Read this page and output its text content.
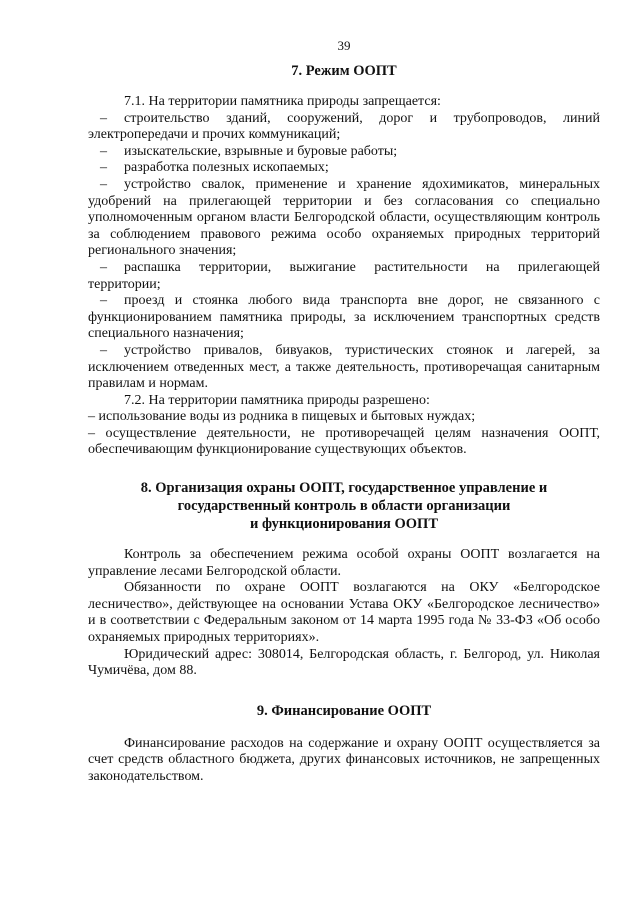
39
7. Режим ООПТ

7.1. На территории памятника природы запрещается:

– строительство зданий, сооружений, дорог и трубопроводов, линий электропередачи и прочих коммуникаций;

– изыскательские, взрывные и буровые работы;

– разработка полезных ископаемых;

– устройство свалок, применение и хранение ядохимикатов, минеральных удобрений на прилегающей территории и без согласования со специально уполномоченным органом власти Белгородской области, осуществляющим контроль за соблюдением правового режима особо охраняемых природных территорий регионального значения;

– распашка территории, выжигание растительности на прилегающей территории;

– проезд и стоянка любого вида транспорта вне дорог, не связанного с функционированием памятника природы, за исключением транспортных средств специального назначения;

– устройство привалов, бивуаков, туристических стоянок и лагерей, за исключением отведенных мест, а также деятельность, противоречащая санитарным правилам и нормам.

7.2. На территории памятника природы разрешено:

– использование воды из родника в пищевых и бытовых нуждах;

– осуществление деятельности, не противоречащей целям назначения ООПТ, обеспечивающим функционирование существующих объектов.

8. Организация охраны ООПТ, государственное управление и
государственный контроль в области организации
и функционирования ООПТ

Контроль за обеспечением режима особой охраны ООПТ возлагается на управление лесами Белгородской области.

Обязанности по охране ООПТ возлагаются на ОКУ «Белгородское лесничество», действующее на основании Устава ОКУ «Белгородское лесничество» и в соответствии с Федеральным законом от 14 марта 1995 года № 33-ФЗ «Об особо охраняемых природных территориях».

Юридический адрес: 308014, Белгородская область, г. Белгород, ул. Николая Чумичёва, дом 88.

9. Финансирование ООПТ

Финансирование расходов на содержание и охрану ООПТ осуществляется за счет средств областного бюджета, других финансовых источников, не запрещенных законодательством.
